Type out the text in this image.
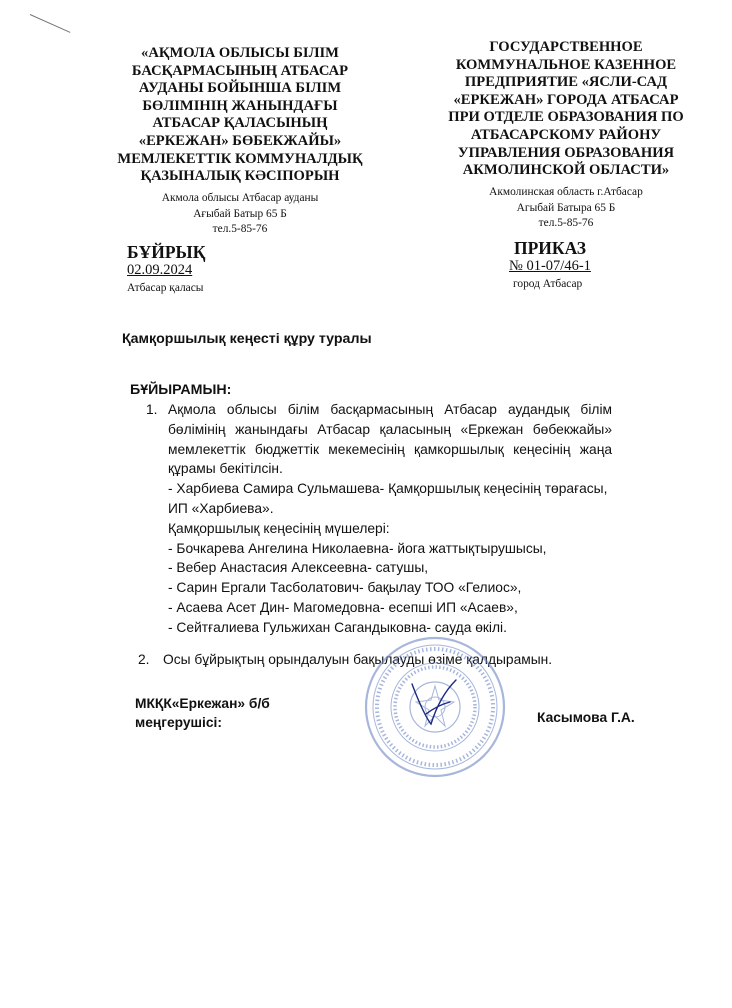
«АҚМОЛА ОБЛЫСЫ БІЛІМ
БАСҚАРМАСЫНЫҢ АТБАСАР
АУДАНЫ БОЙЫНША БІЛІМ
БӨЛІМІНІҢ ЖАНЫНДАҒЫ
АТБАСАР ҚАЛАСЫНЫҢ
«ЕРКЕЖАН» БӨБЕКЖАЙЫ»
МЕМЛЕКЕТТІК КОММУНАЛДЫҚ
ҚАЗЫНАЛЫҚ КӘСІПОРЫН
ГОСУДАРСТВЕННОЕ
КОММУНАЛЬНОЕ КАЗЕННОЕ
ПРЕДПРИЯТИЕ «ЯСЛИ-САД
«ЕРКЕЖАН» ГОРОДА АТБАСАР
ПРИ ОТДЕЛЕ ОБРАЗОВАНИЯ ПО
АТБАСАРСКОМУ РАЙОНУ
УПРАВЛЕНИЯ ОБРАЗОВАНИЯ
АКМОЛИНСКОЙ ОБЛАСТИ»
Акмола облысы Атбасар ауданы
Ағыбай Батыр 65 Б
тел.5-85-76
Акмолинская область г.Атбасар
Агыбай Батыра 65 Б
тел.5-85-76
БҰЙРЫҚ
02.09.2024
Атбасар қаласы
ПРИКАЗ
№ 01-07/46-1
город Атбасар
Қамқоршылық кеңесті құру туралы
БҰЙЫРАМЫН:
1. Ақмола облысы білім басқармасының Атбасар аудандық білім бөлімінің жанындағы Атбасар қаласының «Еркежан бөбекжайы» мемлекеттік бюджеттік мекемесінің қамкоршылық кеңесінің жаңа құрамы бекітілсін.
- Харбиева Самира Сульмашева- Қамқоршылық кеңесінің төрағасы,
ИП «Харбиева».
Қамқоршылық кеңесінің мүшелері:
- Бочкарева Ангелина Николаевна- йога жаттықтырушысы,
- Вебер Анастасия Алексеевна- сатушы,
- Сарин Ергали Тасболатович- бақылау ТОО «Гелиос»,
- Асаева Асет Дин- Магомедовна- есепші ИП «Асаев»,
- Сейтғалиева Гульжихан Сагандыковна- сауда өкілі.
2. Осы бұйрықтың орындалуын бақылауды өзіме қалдырамын.
МКҚК«Еркежан» б/б
меңгерушісі:	Касымова Г.А.
